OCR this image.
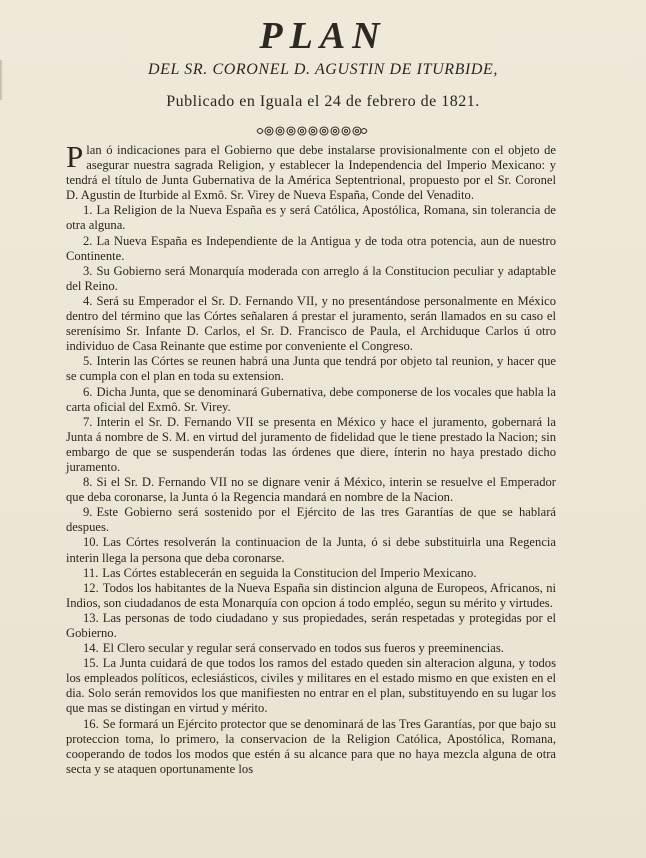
PLAN
DEL SR. CORONEL D. AGUSTIN DE ITURBIDE,
Publicado en Iguala el 24 de febrero de 1821.

Plan ó indicaciones para el Gobierno que debe instalarse provisionalmente con el objeto de asegurar nuestra sagrada Religion, y establecer la Independencia del Imperio Mexicano: y tendrá el título de Junta Gubernativa de la América Septentrional, propuesto por el Sr. Coronel D. Agustin de Iturbide al Exmô. Sr. Virey de Nueva España, Conde del Venadito.

1. La Religion de la Nueva España es y será Católica, Apostólica, Romana, sin tolerancia de otra alguna.

2. La Nueva España es Independiente de la Antigua y de toda otra potencia, aun de nuestro Continente.

3. Su Gobierno será Monarquía moderada con arreglo á la Constitucion peculiar y adaptable del Reino.

4. Será su Emperador el Sr. D. Fernando VII, y no presentándose personalmente en México dentro del término que las Córtes señalaren á prestar el juramento, serán llamados en su caso el serenísimo Sr. Infante D. Carlos, el Sr. D. Francisco de Paula, el Archiduque Carlos ú otro individuo de Casa Reinante que estime por conveniente el Congreso.

5. Interin las Córtes se reunen habrá una Junta que tendrá por objeto tal reunion, y hacer que se cumpla con el plan en toda su extension.

6. Dicha Junta, que se denominará Gubernativa, debe componerse de los vocales que habla la carta oficial del Exmô. Sr. Virey.

7. Interin el Sr. D. Fernando VII se presenta en México y hace el juramento, gobernará la Junta á nombre de S. M. en virtud del juramento de fidelidad que le tiene prestado la Nacion; sin embargo de que se suspenderán todas las órdenes que diere, ínterin no haya prestado dicho juramento.

8. Si el Sr. D. Fernando VII no se dignare venir á México, interin se resuelve el Emperador que deba coronarse, la Junta ó la Regencia mandará en nombre de la Nacion.

9. Este Gobierno será sostenido por el Ejército de las tres Garantías de que se hablará despues.

10. Las Córtes resolverán la continuacion de la Junta, ó si debe substituirla una Regencia interin llega la persona que deba coronarse.

11. Las Córtes establecerán en seguida la Constitucion del Imperio Mexicano.

12. Todos los habitantes de la Nueva España sin distincion alguna de Europeos, Africanos, ni Indios, son ciudadanos de esta Monarquía con opcion á todo empléo, segun su mérito y virtudes.

13. Las personas de todo ciudadano y sus propiedades, serán respetadas y protegidas por el Gobierno.

14. El Clero secular y regular será conservado en todos sus fueros y preeminencias.

15. La Junta cuidará de que todos los ramos del estado queden sin alteracion alguna, y todos los empleados políticos, eclesiásticos, civiles y militares en el estado mismo en que existen en el dia. Solo serán removidos los que manifiesten no entrar en el plan, substituyendo en su lugar los que mas se distingan en virtud y mérito.

16. Se formará un Ejército protector que se denominará de las Tres Garantías, por que bajo su proteccion toma, lo primero, la conservacion de la Religion Católica, Apostólica, Romana, cooperando de todos los modos que estén á su alcance para que no haya mezcla alguna de otra secta y se ataquen oportunamente los
